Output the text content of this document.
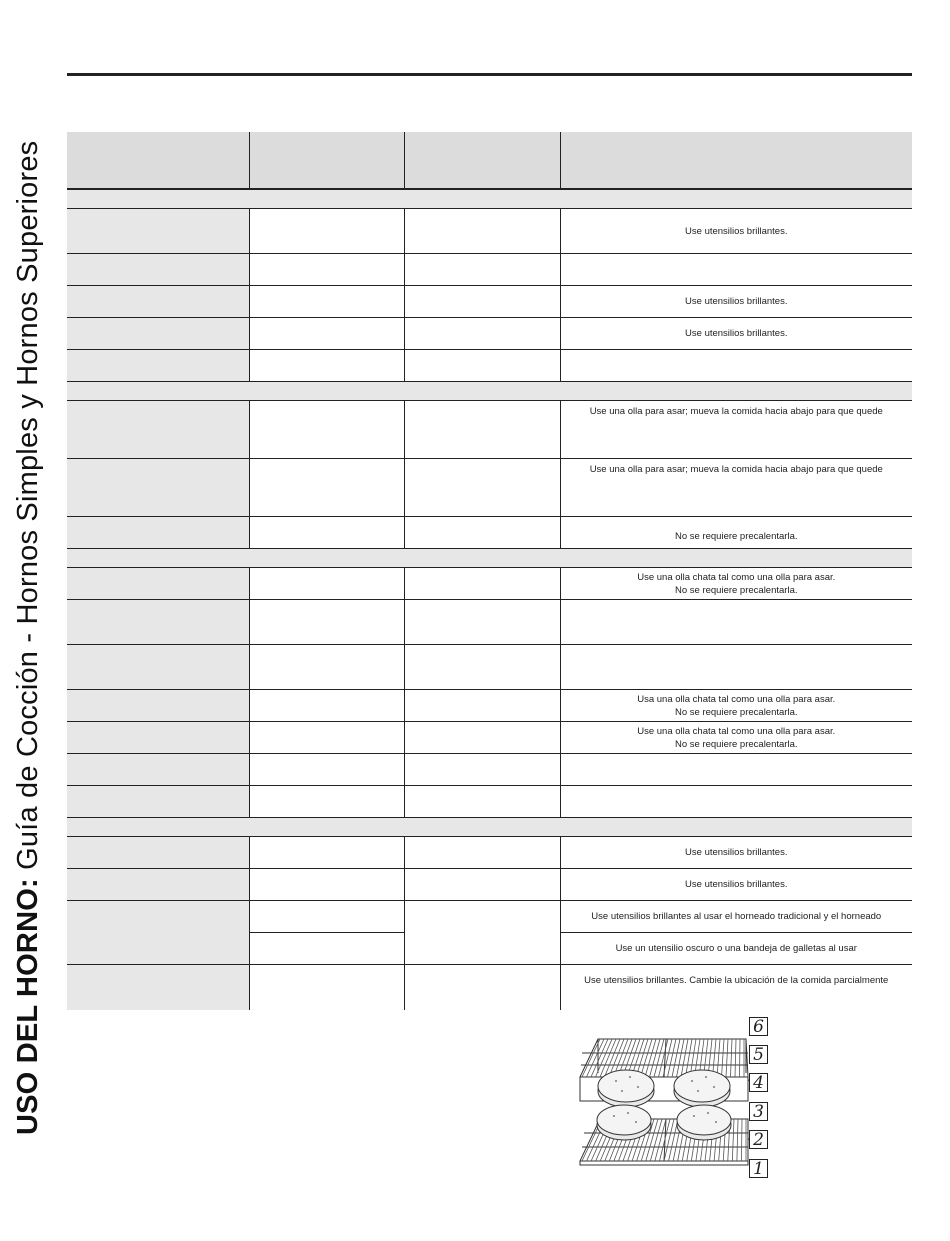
USO DEL HORNO: Guía de Cocción - Hornos Simples y Hornos Superiores

				Use utensilios brillantes.

			Use utensilios brillantes.
			Use utensilios brillantes.

			Use una olla para asar; mueva la comida hacia abajo para que quede
			Use una olla para asar; mueva la comida hacia abajo para que quede
			No se requiere precalentarla.

			Use una olla chata tal como una olla para asar.
No se requiere precalentarla.

			Usa una olla chata tal como una olla para asar.
No se requiere precalentarla.

			Use una olla chata tal como una olla para asar.
No se requiere precalentarla.

			Use utensilios brillantes.
			Use utensilios brillantes.
			Use utensilios brillantes al usar el horneado tradicional y el horneado
			Use un utensilio oscuro o una bandeja de galletas al usar
			Use utensilios brillantes. Cambie la ubicación de la comida parcialmente
6
5
4
3
2
1
